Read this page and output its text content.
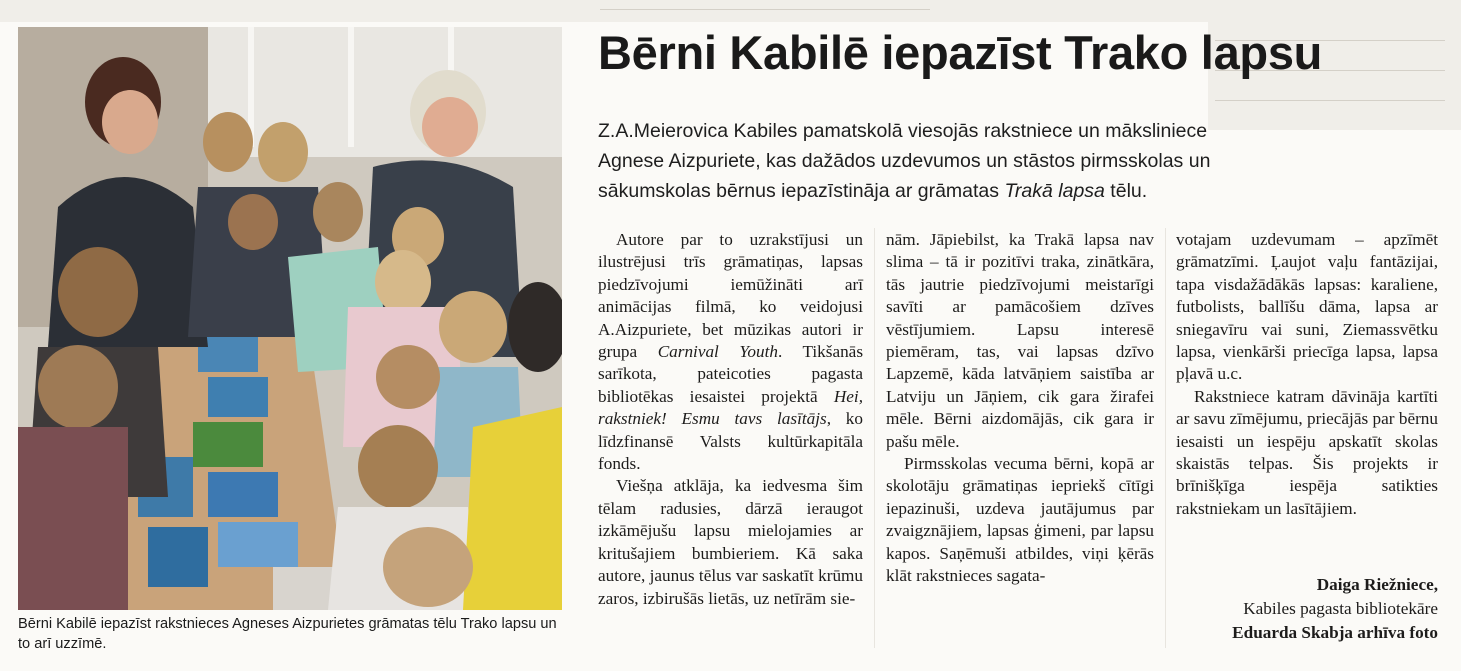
Bērni Kabilē iepazīst rakstnieces Agneses Aizpurietes grāmatas tēlu Trako lapsu un to arī uzzīmē.

Bērni Kabilē iepazīst Trako lapsu

Z.A.Meierovica Kabiles pamatskolā viesojās rakstniece un māksliniece Agnese Aizpuriete, kas dažādos uzdevumos un stāstos pirmsskolas un sākumskolas bērnus iepazīstināja ar grāmatas Trakā lapsa tēlu.

Autore par to uzrakstījusi un ilustrējusi trīs grāmatiņas, lapsas piedzīvojumi iemūžināti arī animācijas filmā, ko veidojusi A.Aizpuriete, bet mūzikas autori ir grupa Carnival Youth. Tikšanās sarīkota, pateicoties pagasta bibliotēkas iesaistei projektā Hei, rakstniek! Esmu tavs lasītājs, ko līdzfinansē Valsts kultūrkapitāla fonds.

Viešņa atklāja, ka iedvesma šim tēlam radusies, dārzā ieraugot izkāmējušu lapsu mielojamies ar kritušajiem bumbieriem. Kā saka autore, jaunus tēlus var saskatīt krūmu zaros, izbirušās lietās, uz netīrām sie-

nām. Jāpiebilst, ka Trakā lapsa nav slima – tā ir pozitīvi traka, zinātkāra, tās jautrie piedzīvojumi meistarīgi savīti ar pamācošiem dzīves vēstījumiem. Lapsu interesē piemēram, tas, vai lapsas dzīvo Lapzemē, kāda latvāņiem saistība ar Latviju un Jāņiem, cik gara žirafei mēle. Bērni aizdomājās, cik gara ir pašu mēle.

Pirmsskolas vecuma bērni, kopā ar skolotāju grāmatiņas iepriekš cītīgi iepazinuši, uzdeva jautājumus par zvaigznājiem, lapsas ģimeni, par lapsu kapos. Saņēmuši atbildes, viņi ķērās klāt rakstnieces sagata-

votajam uzdevumam – apzīmēt grāmatzīmi. Ļaujot vaļu fantāzijai, tapa visdažādākās lapsas: karaliene, futbolists, ballīšu dāma, lapsa ar sniegavīru vai suni, Ziemassvētku lapsa, vienkārši priecīga lapsa, lapsa pļavā u.c.

Rakstniece katram dāvināja kartīti ar savu zīmējumu, priecājās par bērnu iesaisti un iespēju apskatīt skolas skaistās telpas. Šis projekts ir brīnišķīga iespēja satikties rakstniekam un lasītājiem.

Daiga Riežniece,

Kabiles pagasta bibliotekāre

Eduarda Skabja arhīva foto
